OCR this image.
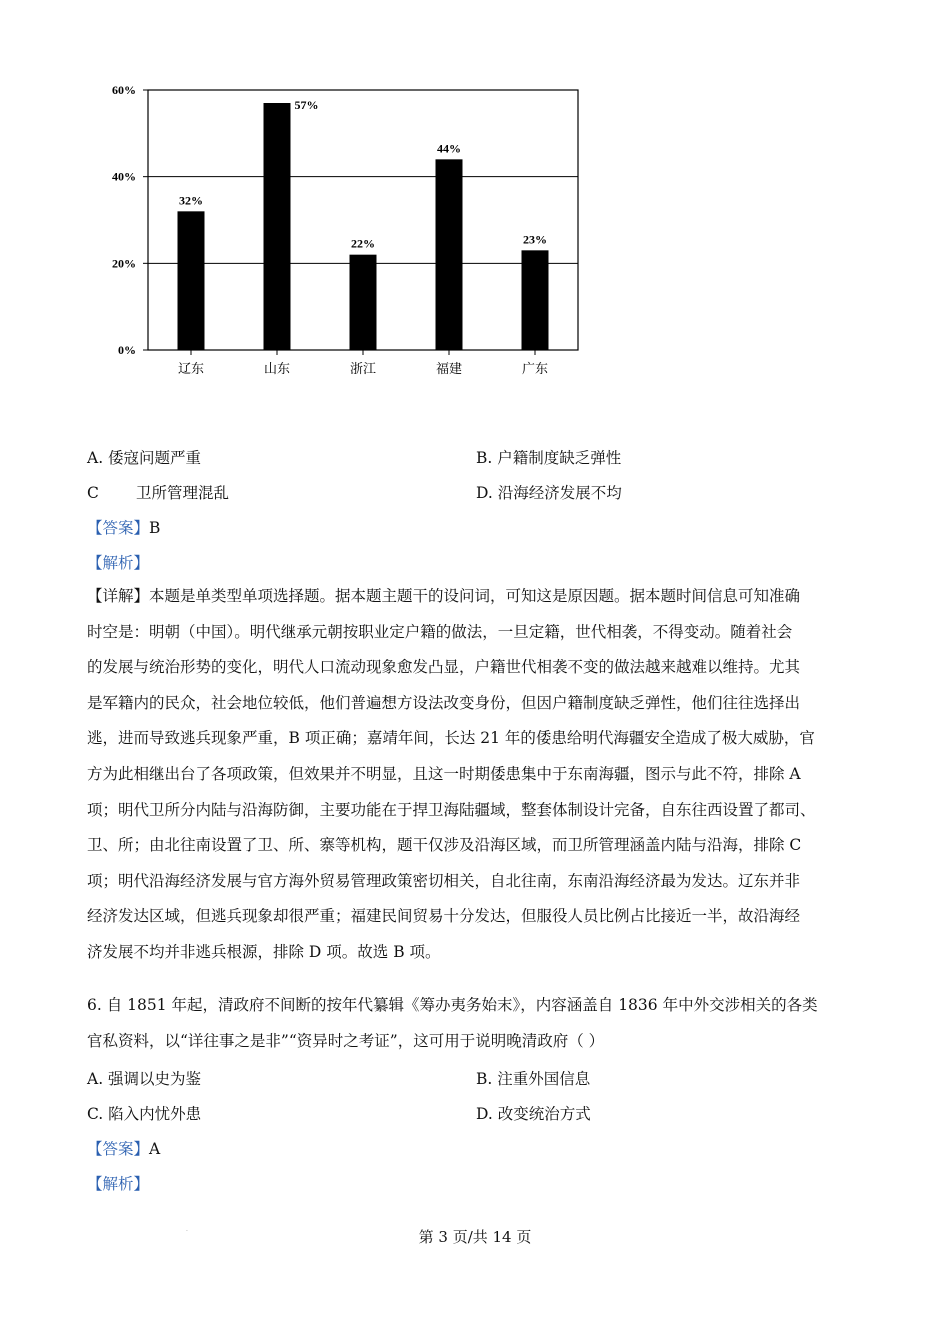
0%
20%
40%
60%
32%
辽东
57%
山东
22%
浙江
44%
福建
23%
广东
A. 倭寇问题严重	B. 户籍制度缺乏弹性
C 卫所管理混乱	D. 沿海经济发展不均
【答案】B
【解析】
【详解】本题是单类型单项选择题。据本题主题干的设问词，可知这是原因题。据本题时间信息可知准确
时空是：明朝（中国）。明代继承元朝按职业定户籍的做法，一旦定籍，世代相袭，不得变动。随着社会
的发展与统治形势的变化，明代人口流动现象愈发凸显，户籍世代相袭不变的做法越来越难以维持。尤其
是军籍内的民众，社会地位较低，他们普遍想方设法改变身份，但因户籍制度缺乏弹性，他们往往选择出
逃，进而导致逃兵现象严重，B 项正确；嘉靖年间，长达 21 年的倭患给明代海疆安全造成了极大威胁，官
方为此相继出台了各项政策，但效果并不明显，且这一时期倭患集中于东南海疆，图示与此不符，排除 A
项；明代卫所分内陆与沿海防御，主要功能在于捍卫海陆疆域，整套体制设计完备，自东往西设置了都司、
卫、所；由北往南设置了卫、所、寨等机构，题干仅涉及沿海区域，而卫所管理涵盖内陆与沿海，排除 C
项；明代沿海经济发展与官方海外贸易管理政策密切相关，自北往南，东南沿海经济最为发达。辽东并非
经济发达区域，但逃兵现象却很严重；福建民间贸易十分发达，但服役人员比例占比接近一半，故沿海经
济发展不均并非逃兵根源，排除 D 项。故选 B 项。
6. 自 1851 年起，清政府不间断的按年代纂辑《筹办夷务始末》，内容涵盖自 1836 年中外交涉相关的各类
官私资料，以“详往事之是非”“资异时之考证”，这可用于说明晚清政府（ ）
A. 强调以史为鉴	B. 注重外国信息
C. 陷入内忧外患	D. 改变统治方式
【答案】A
【解析】
.	第 3 页/共 14 页
